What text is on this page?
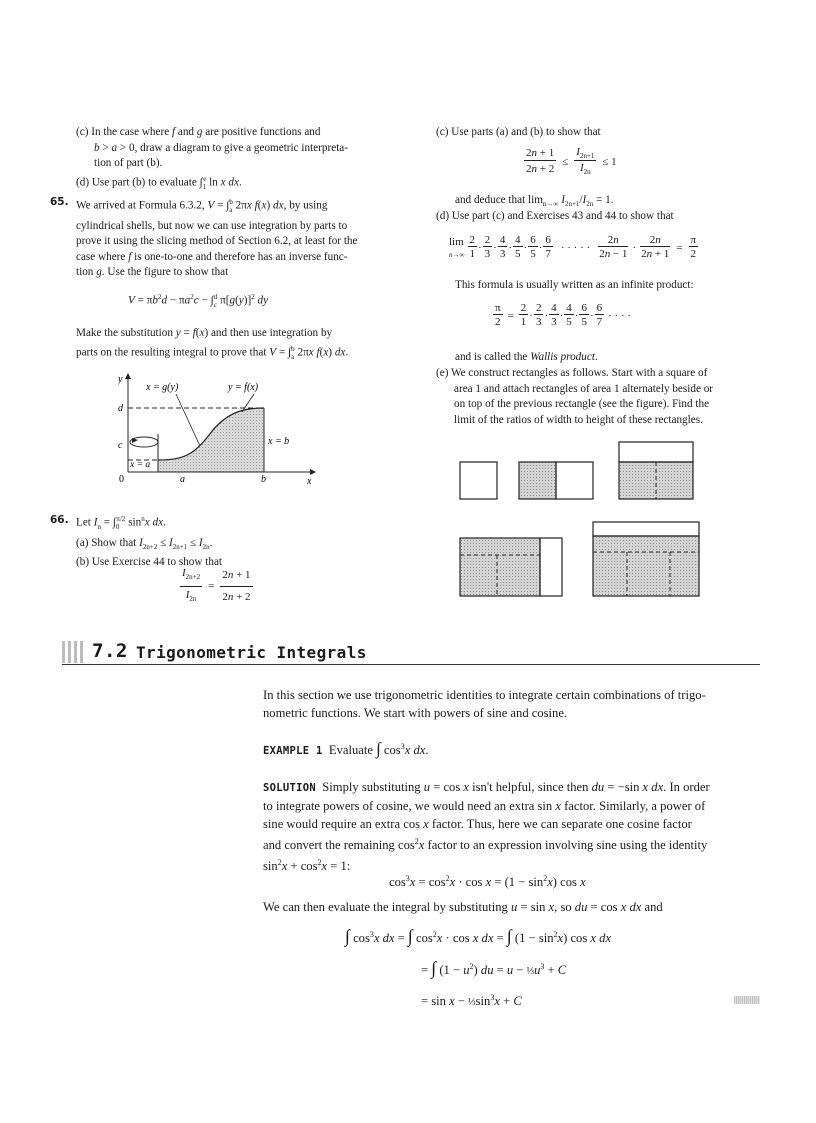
(c) In the case where f and g are positive functions and
b > a > 0, draw a diagram to give a geometric interpreta-
tion of part (b).
(d) Use part (b) to evaluate $\int_1^e$ ln x dx.
65. We arrived at Formula 6.3.2, $V = \int_a^b$ 2πx f(x) dx, by using
cylindrical shells, but now we can use integration by parts to
prove it using the slicing method of Section 6.2, at least for the
case where f is one-to-one and therefore has an inverse func-
tion g. Use the figure to show that
$V = \pi b^2d - \pi a^2c - \int_c^d$ $\pi[g(y)]^2$ dy
Make the substitution y = f(x) and then use integration by
parts on the resulting integral to prove that $V = \int_a^b$ 2πx f(x) dx.
x = g(y)	y = f(x)
y
x
d
c
0	a	b
x = a
x = b
66. Let $I_n = \int_0^{\pi/2}$ $\sin^nx$ dx.
(a) Show that $I_{2n+2} \le I_{2n+1} \le I_{2n}$.
(b) Use Exercise 44 to show that
$I_{2n+2}$	=	2n + 1
$I_{2n}$		2n + 2
(c) Use parts (a) and (b) to show that
2n + 1	≤	$I_{2n+1}$	≤ 1
2n + 2		$I_{2n}$
and deduce that $\lim_{n\to\infty} I_{2n+1}/I_{2n} = 1$.
(d) Use part (c) and Exercises 43 and 44 to show that
lim
n→∞	2	·	2	·	4	·	4	·	6	·	6	· · · · ·	2n	·	2n	=	π
	1		3		3		5		5		7		2n − 1		2n + 1		2
This formula is usually written as an infinite product:
π	=	2	·	2	·	4	·	4	·	6	·	6	· · · ·
2		1		3		3		5		5		7	
and is called the Wallis product.
(e) We construct rectangles as follows. Start with a square of
area 1 and attach rectangles of area 1 alternately beside or
on top of the previous rectangle (see the figure). Find the
limit of the ratios of width to height of these rectangles.
7.2 Trigonometric Integrals
In this section we use trigonometric identities to integrate certain combinations of trigo-
nometric functions. We start with powers of sine and cosine.
EXAMPLE 1  Evaluate ∫ $\cos^3x$ dx.
SOLUTION  Simply substituting u = cos x isn't helpful, since then du = −sin x dx. In order
to integrate powers of cosine, we would need an extra sin x factor. Similarly, a power of
sine would require an extra cos x factor. Thus, here we can separate one cosine factor
and convert the remaining $\cos^2x$ factor to an expression involving sine using the identity
$\sin^2x + \cos^2x = 1$:
$\cos^3x = \cos^2x \cdot \cos x = (1 - \sin^2x)$ cos x
We can then evaluate the integral by substituting u = sin x, so du = cos x dx and
∫ $\cos^3x$ dx = ∫ $\cos^2x \cdot \cos x$ dx = ∫ $(1 - \sin^2x)$ cos x dx
= ∫ $(1 - u^2)$ du = $u - \frac{1}{3}u^3 + C$
= $\sin x - \frac{1}{3}\sin^3x + C$
